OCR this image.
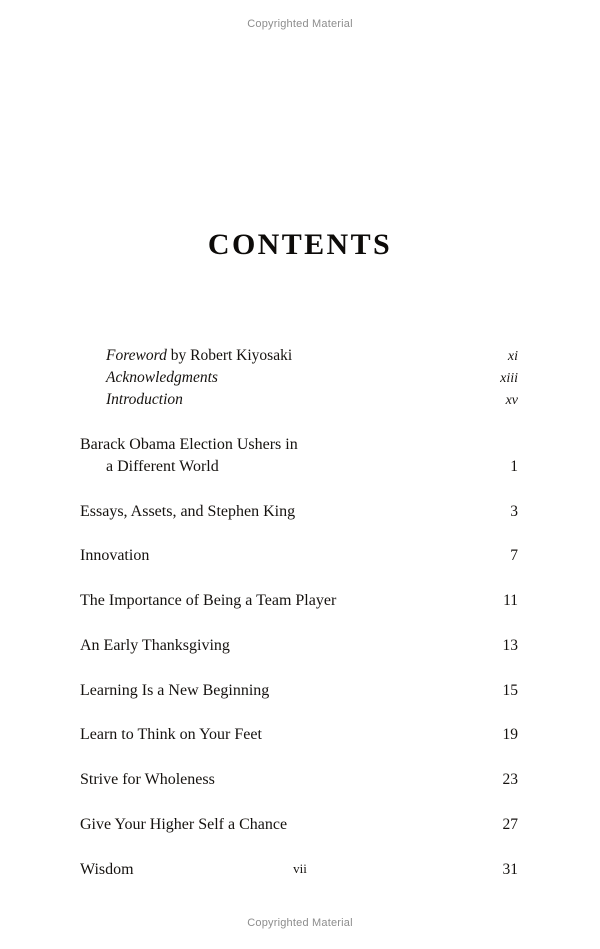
Copyrighted Material
CONTENTS
Foreword by Robert Kiyosaki	xi
Acknowledgments	xiii
Introduction	xv
Barack Obama Election Ushers in
a Different World	1
Essays, Assets, and Stephen King	3
Innovation	7
The Importance of Being a Team Player	11
An Early Thanksgiving	13
Learning Is a New Beginning	15
Learn to Think on Your Feet	19
Strive for Wholeness	23
Give Your Higher Self a Chance	27
Wisdom	31
vii
Copyrighted Material
